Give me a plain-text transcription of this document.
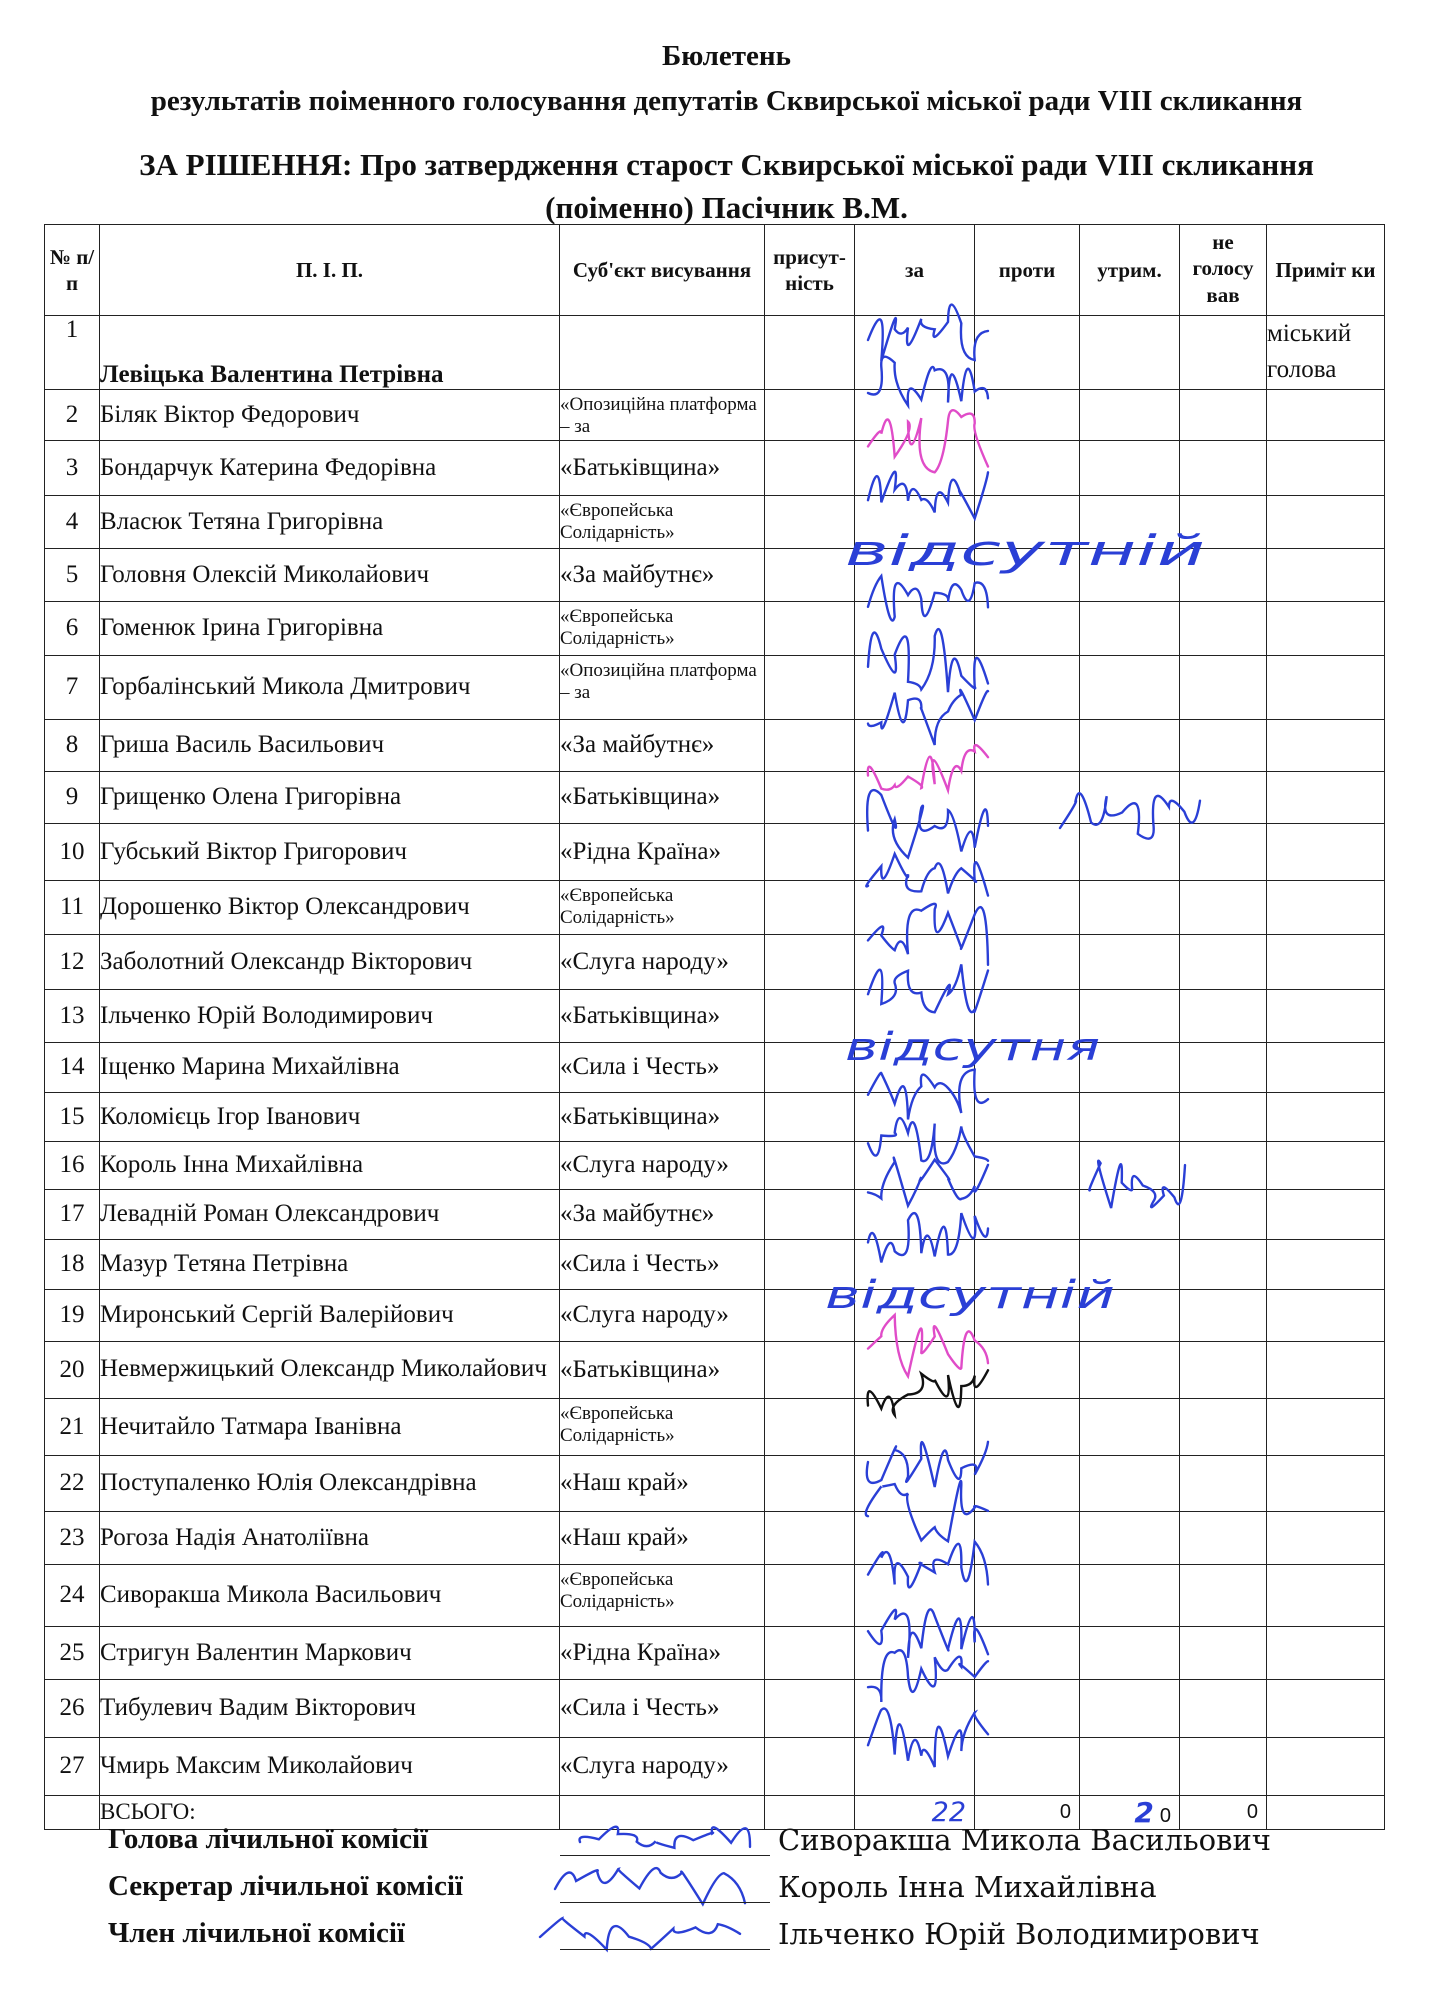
Бюлетень
результатів поіменного голосування депутатів Сквирської міської ради VIII скликання
ЗА РІШЕННЯ: Про затвердження старост Сквирської міської ради VIII скликання
(поіменно) Пасічник В.М.
№ п/п	П. І. П.	Суб'єкт висування	присут- ність	за	проти	утрим.	не голосу вав	Приміт ки
1	Левіцька Валентина Петрівна							міський голова
2	Біляк Віктор Федорович	«Опозиційна платформа – за						
3	Бондарчук Катерина Федорівна	«Батьківщина»						
4	Власюк Тетяна Григорівна	«Європейська Солідарність»						
5	Головня Олексій Миколайович	«За майбутнє»						
6	Гоменюк Ірина Григорівна	«Європейська Солідарність»						
7	Горбалінський Микола Дмитрович	«Опозиційна платформа – за						
8	Гриша Василь Васильович	«За майбутнє»						
9	Грищенко Олена Григорівна	«Батьківщина»						
10	Губський Віктор Григорович	«Рідна Країна»						
11	Дорошенко Віктор Олександрович	«Європейська Солідарність»						
12	Заболотний Олександр Вікторович	«Слуга народу»						
13	Ільченко Юрій Володимирович	«Батьківщина»						
14	Іщенко Марина Михайлівна	«Сила і Честь»						
15	Коломієць Ігор Іванович	«Батьківщина»						
16	Король Інна Михайлівна	«Слуга народу»						
17	Левадній Роман Олександрович	«За майбутнє»						
18	Мазур Тетяна Петрівна	«Сила і Честь»						
19	Миронський Сергій Валерійович	«Слуга народу»						
20	Невмержицький Олександр Миколайович	«Батьківщина»						
21	Нечитайло Татмара Іванівна	«Європейська Солідарність»						
22	Поступаленко Юлія Олександрівна	«Наш край»						
23	Рогоза Надія Анатоліївна	«Наш край»						
24	Сиворакша Микола Васильович	«Європейська Солідарність»						
25	Стригун Валентин Маркович	«Рідна Країна»						
26	Тибулевич Вадим Вікторович	«Сила і Честь»						
27	Чмирь Максим Миколайович	«Слуга народу»						
	ВСЬОГО:			22	0	2 0	0	
відсутній
відсутня
відсутній
Голова лічильної комісії	Сиворакша Микола Васильович
Секретар лічильної комісії	Король Інна Михайлівна
Член лічильної комісії	Ільченко Юрій Володимирович
